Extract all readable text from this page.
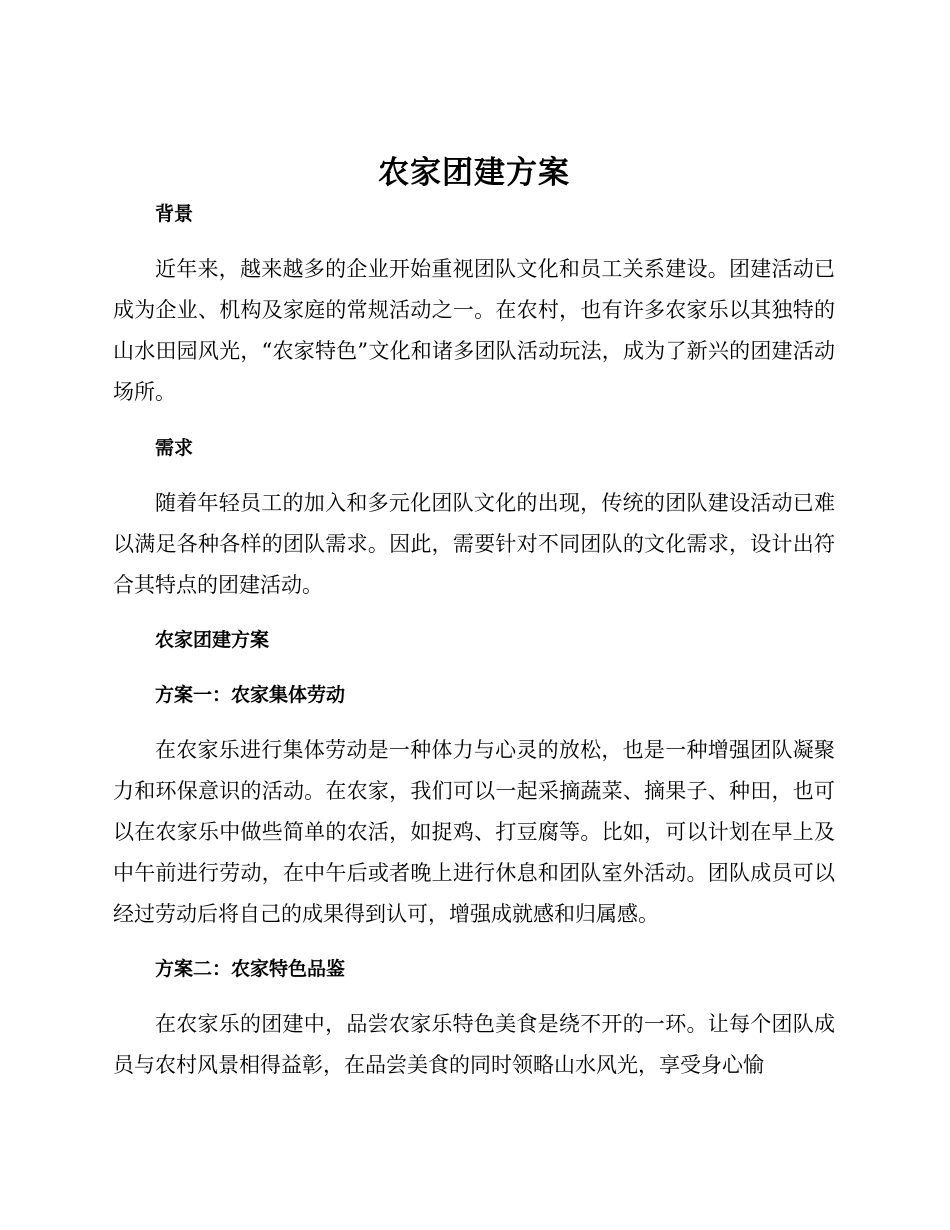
农家团建方案
背景

近年来，越来越多的企业开始重视团队文化和员工关系建设。团建活动已成为企业、机构及家庭的常规活动之一。在农村，也有许多农家乐以其独特的山水田园风光，“农家特色”文化和诸多团队活动玩法，成为了新兴的团建活动场所。

需求

随着年轻员工的加入和多元化团队文化的出现，传统的团队建设活动已难以满足各种各样的团队需求。因此，需要针对不同团队的文化需求，设计出符合其特点的团建活动。

农家团建方案
方案一：农家集体劳动

在农家乐进行集体劳动是一种体力与心灵的放松，也是一种增强团队凝聚力和环保意识的活动。在农家，我们可以一起采摘蔬菜、摘果子、种田，也可以在农家乐中做些简单的农活，如捉鸡、打豆腐等。比如，可以计划在早上及中午前进行劳动，在中午后或者晚上进行休息和团队室外活动。团队成员可以经过劳动后将自己的成果得到认可，增强成就感和归属感。

方案二：农家特色品鉴

在农家乐的团建中，品尝农家乐特色美食是绕不开的一环。让每个团队成员与农村风景相得益彰，在品尝美食的同时领略山水风光，享受身心愉
